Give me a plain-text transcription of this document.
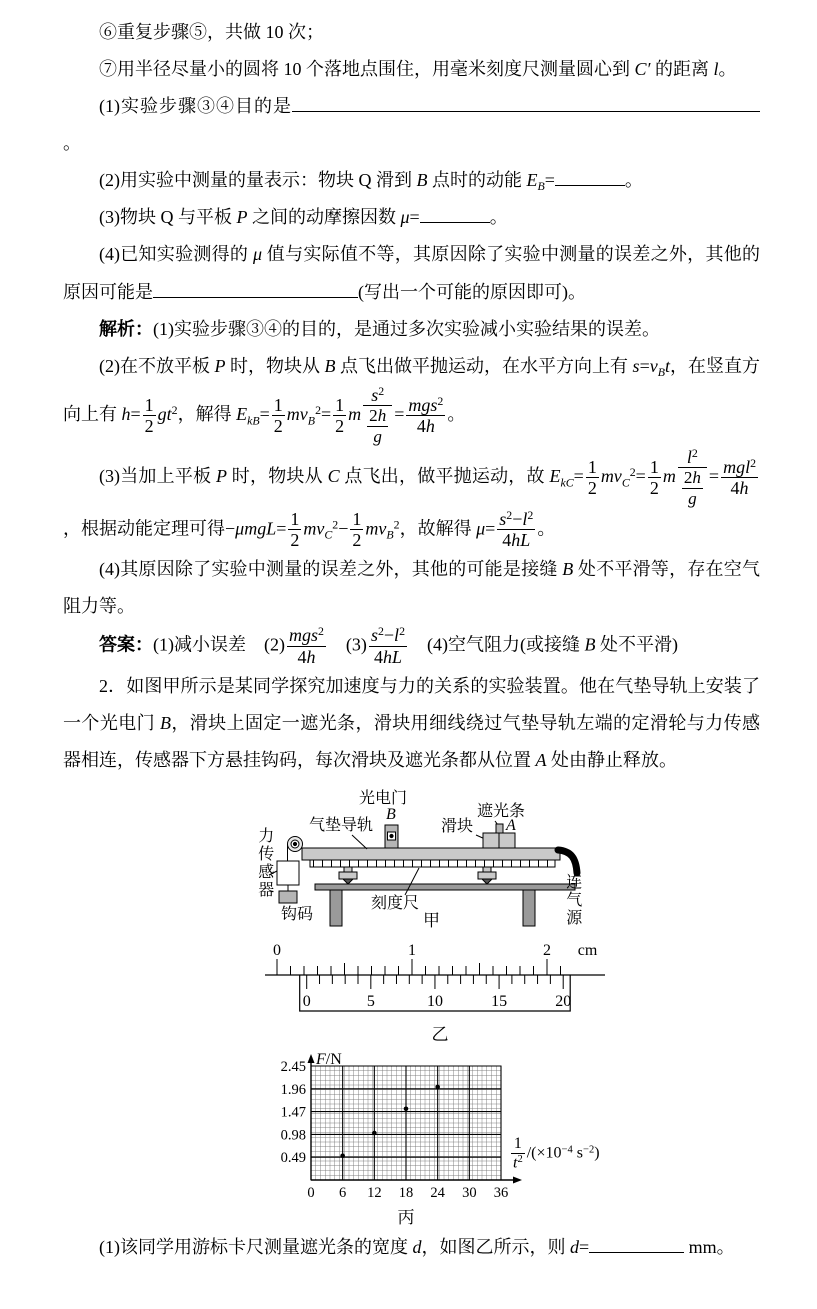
⑥重复步骤⑤，共做 10 次；

⑦用半径尽量小的圆将 10 个落地点围住，用毫米刻度尺测量圆心到 C′ 的距离 l。

(1)实验步骤③④目的是。

(2)用实验中测量的量表示：物块 Q 滑到 B 点时的动能 $E_B=$	。

(3)物块 Q 与平板 P 之间的动摩擦因数 μ=	。

(4)已知实验测得的 μ 值与实际值不等，其原因除了实验中测量的误差之外，其他的原因可能是	(写出一个可能的原因即可)。

解析：(1)实验步骤③④的目的，是通过多次实验减小实验结果的误差。

(2)在不放平板 P 时，物块从 B 点飞出做平抛运动，在水平方向上有 $s=v_Bt$，在竖直方向上有 $h= \frac{1}{2} gt^2$，解得 $E_{kB}= \frac{1}{2} mv_B^2= \frac{1}{2}$ m $\frac{s^2}{\frac{2h}{g}} = \frac{mgs^2}{4h}$ 。

(3)当加上平板 P 时，物块从 C 点飞出，做平抛运动，故 $E_{kC}= \frac{1}{2} mv_C^2= \frac{1}{2}$ m $\frac{l^2}{\frac{2h}{g}} = \frac{mgl^2}{4h}$
，根据动能定理可得$-\mu mgL= \frac{1}{2} mv_C^2- \frac{1}{2} mv_B^2$，故解得 $\mu= \frac{s^2-l^2}{4hL}$ 。

(4)其原因除了实验中测量的误差之外，其他的可能是接缝 B 处不平滑等，存在空气阻力等。

答案：(1)减小误差　$(2) \frac{mgs^2}{4h}$ 　$(3) \frac{s^2-l^2}{4hL}$ 　(4)空气阻力(或接缝 B 处不平滑)

2．如图甲所示是某同学探究加速度与力的关系的实验装置。他在气垫导轨上安装了一个光电门 B，滑块上固定一遮光条，滑块用细线绕过气垫导轨左端的定滑轮与力传感器相连，传感器下方悬挂钩码，每次滑块及遮光条都从位置 A 处由静止释放。

光电门
B
气垫导轨
遮光条
A
滑块
力传感器
钩码
刻度尺	连气源
甲
0	1	2 cm
0	5	10	15	20
乙
0 6 12 18 24 30 36
0.49
0.98
1.47
1.96
2.45 F/N
$\frac{1}{t^2} /(\times 10^{-4}$ $s^{-2}$)
丙

(1)该同学用游标卡尺测量遮光条的宽度 d，如图乙所示，则 d=	mm。
